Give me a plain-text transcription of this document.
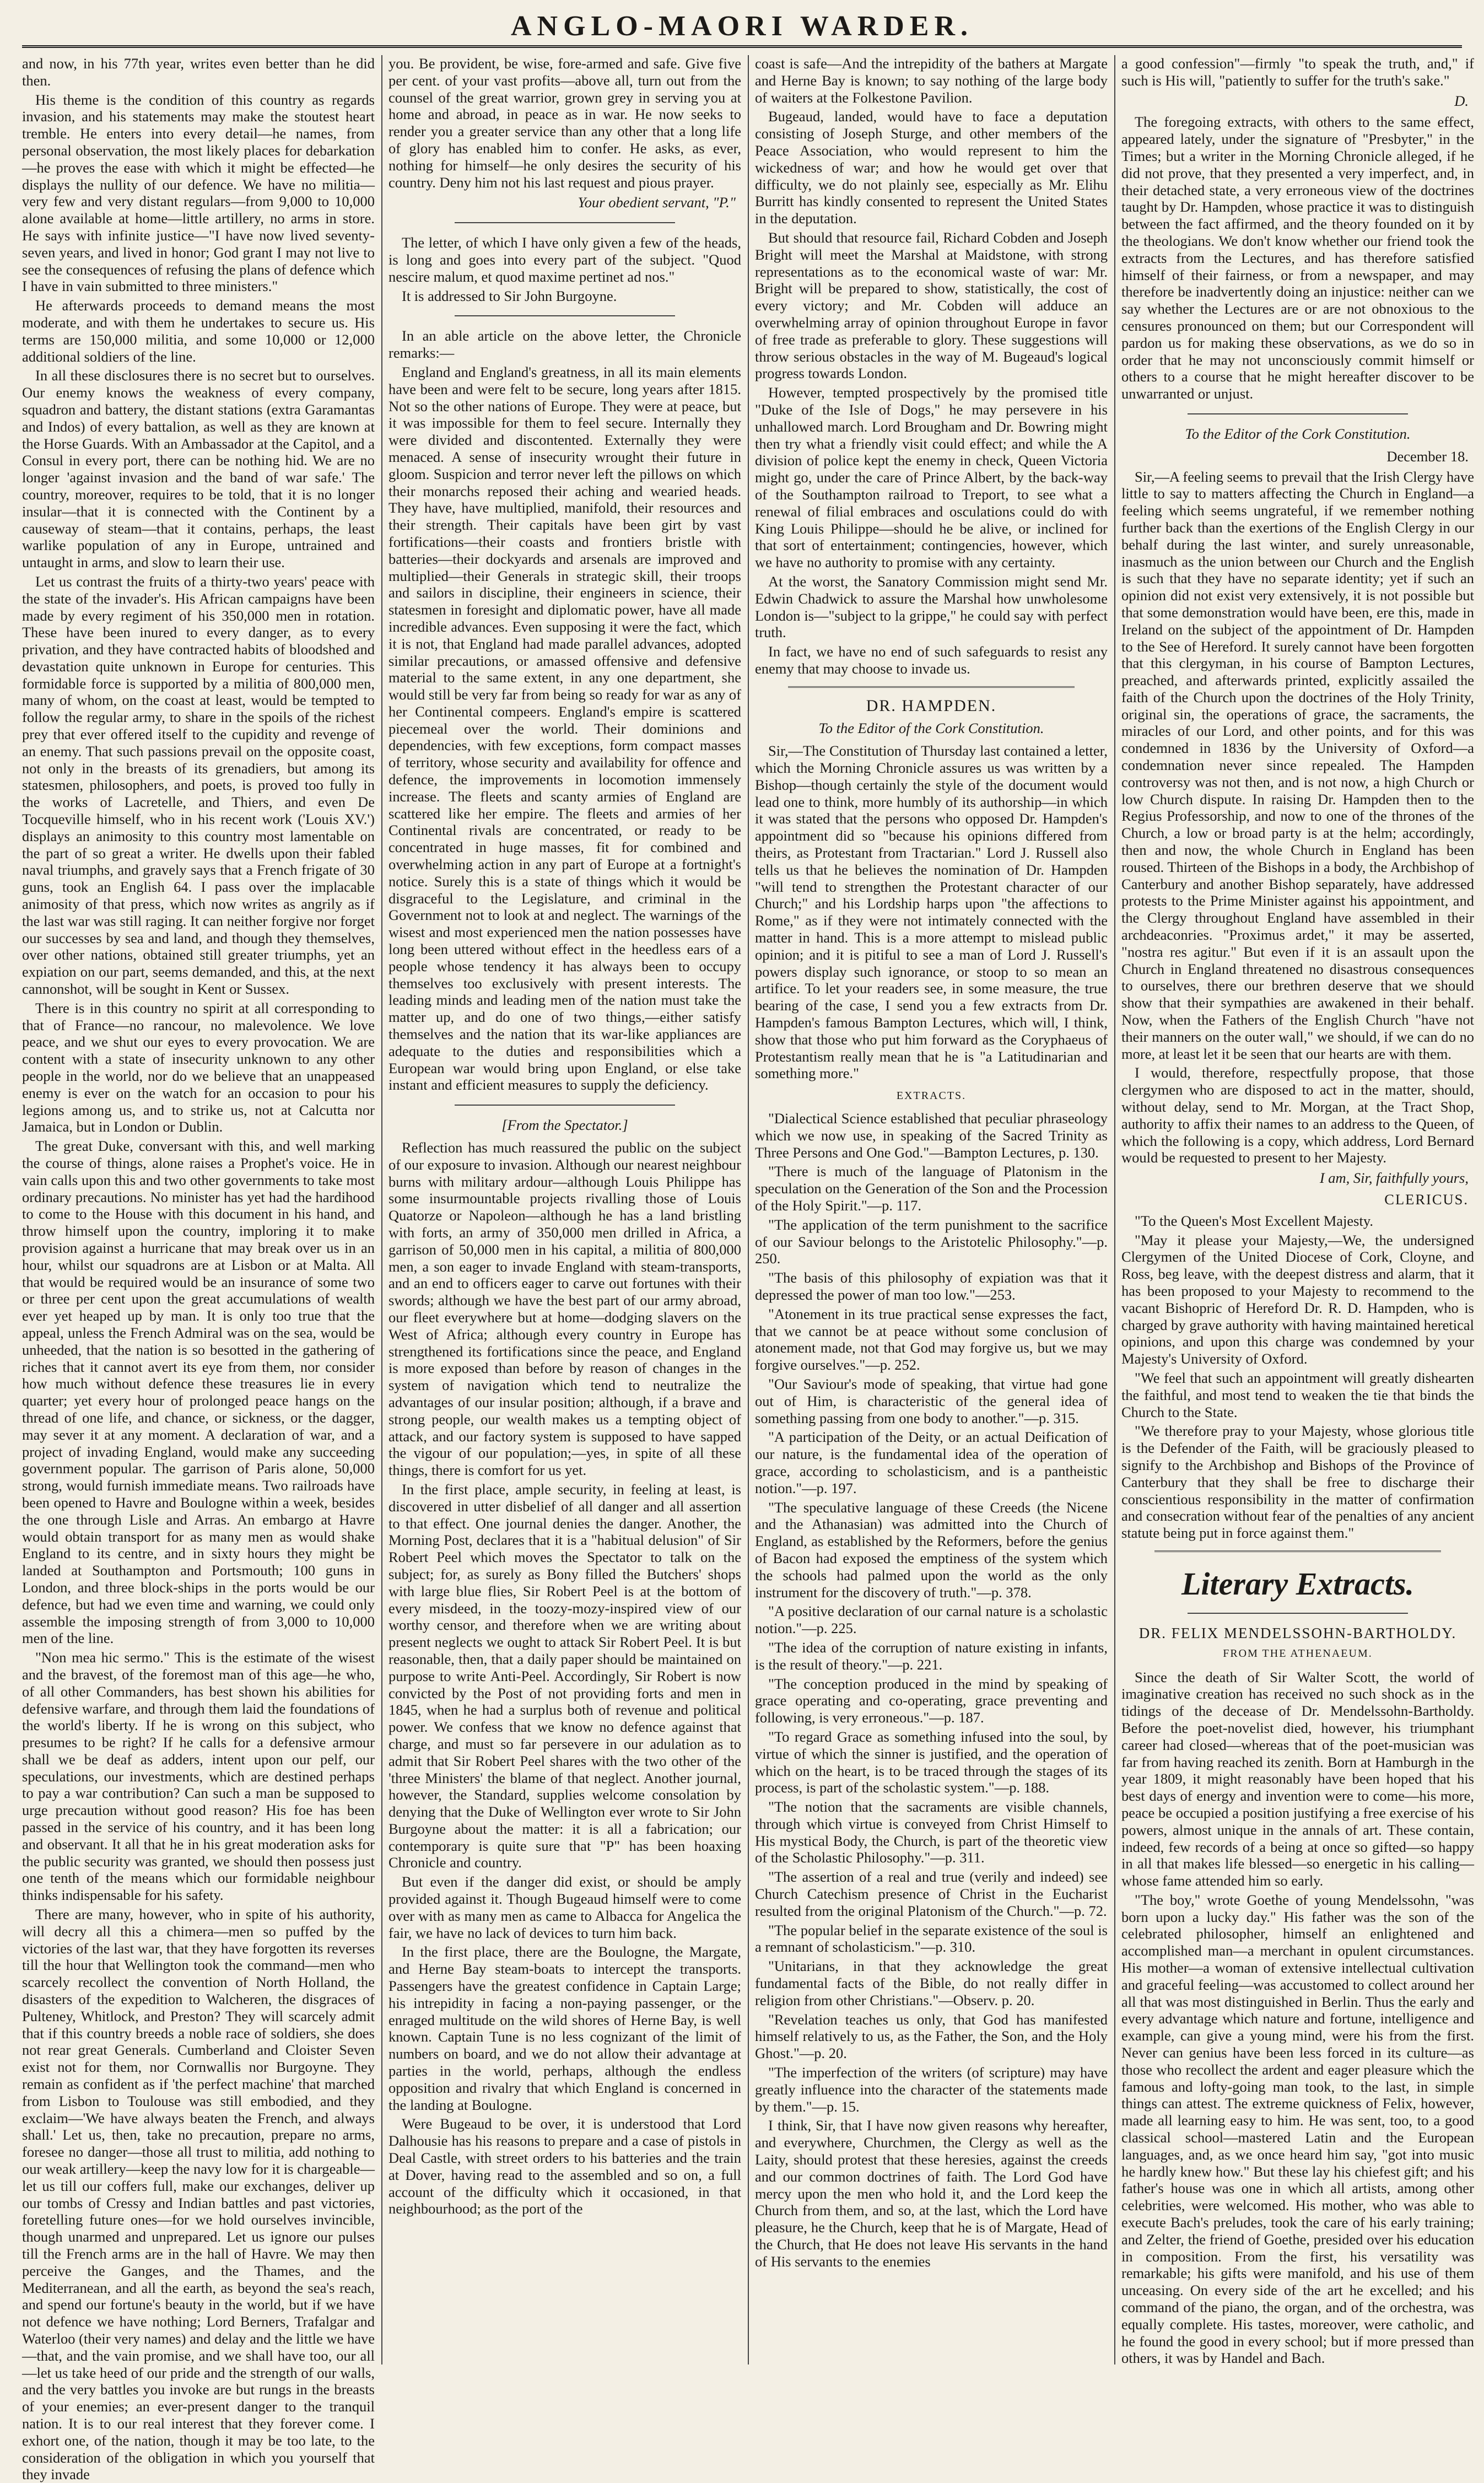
ANGLO-MAORI WARDER.

and now, in his 77th year, writes even better than he did then.

His theme is the condition of this country as regards invasion, and his statements may make the stoutest heart tremble. He enters into every detail—he names, from personal observation, the most likely places for debarkation—he proves the ease with which it might be effected—he displays the nullity of our defence. We have no militia—very few and very distant regulars—from 9,000 to 10,000 alone available at home—little artillery, no arms in store. He says with infinite justice—"I have now lived seventy-seven years, and lived in honor; God grant I may not live to see the consequences of refusing the plans of defence which I have in vain submitted to three ministers."

He afterwards proceeds to demand means the most moderate, and with them he undertakes to secure us. His terms are 150,000 militia, and some 10,000 or 12,000 additional soldiers of the line.

In all these disclosures there is no secret but to ourselves. Our enemy knows the weakness of every company, squadron and battery, the distant stations (extra Garamantas and Indos) of every battalion, as well as they are known at the Horse Guards. With an Ambassador at the Capitol, and a Consul in every port, there can be nothing hid. We are no longer 'against invasion and the band of war safe.' The country, moreover, requires to be told, that it is no longer insular—that it is connected with the Continent by a causeway of steam—that it contains, perhaps, the least warlike population of any in Europe, untrained and untaught in arms, and slow to learn their use.

Let us contrast the fruits of a thirty-two years' peace with the state of the invader's. His African campaigns have been made by every regiment of his 350,000 men in rotation. These have been inured to every danger, as to every privation, and they have contracted habits of bloodshed and devastation quite unknown in Europe for centuries. This formidable force is supported by a militia of 800,000 men, many of whom, on the coast at least, would be tempted to follow the regular army, to share in the spoils of the richest prey that ever offered itself to the cupidity and revenge of an enemy. That such passions prevail on the opposite coast, not only in the breasts of its grenadiers, but among its statesmen, philosophers, and poets, is proved too fully in the works of Lacretelle, and Thiers, and even De Tocqueville himself, who in his recent work ('Louis XV.') displays an animosity to this country most lamentable on the part of so great a writer. He dwells upon their fabled naval triumphs, and gravely says that a French frigate of 30 guns, took an English 64. I pass over the implacable animosity of that press, which now writes as angrily as if the last war was still raging. It can neither forgive nor forget our successes by sea and land, and though they themselves, over other nations, obtained still greater triumphs, yet an expiation on our part, seems demanded, and this, at the next cannonshot, will be sought in Kent or Sussex.

There is in this country no spirit at all corresponding to that of France—no rancour, no malevolence. We love peace, and we shut our eyes to every provocation. We are content with a state of insecurity unknown to any other people in the world, nor do we believe that an unappeased enemy is ever on the watch for an occasion to pour his legions among us, and to strike us, not at Calcutta nor Jamaica, but in London or Dublin.

The great Duke, conversant with this, and well marking the course of things, alone raises a Prophet's voice. He in vain calls upon this and two other governments to take most ordinary precautions. No minister has yet had the hardihood to come to the House with this document in his hand, and throw himself upon the country, imploring it to make provision against a hurricane that may break over us in an hour, whilst our squadrons are at Lisbon or at Malta. All that would be required would be an insurance of some two or three per cent upon the great accumulations of wealth ever yet heaped up by man. It is only too true that the appeal, unless the French Admiral was on the sea, would be unheeded, that the nation is so besotted in the gathering of riches that it cannot avert its eye from them, nor consider how much without defence these treasures lie in every quarter; yet every hour of prolonged peace hangs on the thread of one life, and chance, or sickness, or the dagger, may sever it at any moment. A declaration of war, and a project of invading England, would make any succeeding government popular. The garrison of Paris alone, 50,000 strong, would furnish immediate means. Two railroads have been opened to Havre and Boulogne within a week, besides the one through Lisle and Arras. An embargo at Havre would obtain transport for as many men as would shake England to its centre, and in sixty hours they might be landed at Southampton and Portsmouth; 100 guns in London, and three block-ships in the ports would be our defence, but had we even time and warning, we could only assemble the imposing strength of from 3,000 to 10,000 men of the line.

"Non mea hic sermo." This is the estimate of the wisest and the bravest, of the foremost man of this age—he who, of all other Commanders, has best shown his abilities for defensive warfare, and through them laid the foundations of the world's liberty. If he is wrong on this subject, who presumes to be right? If he calls for a defensive armour shall we be deaf as adders, intent upon our pelf, our speculations, our investments, which are destined perhaps to pay a war contribution? Can such a man be supposed to urge precaution without good reason? His foe has been passed in the service of his country, and it has been long and observant. It all that he in his great moderation asks for the public security was granted, we should then possess just one tenth of the means which our formidable neighbour thinks indispensable for his safety.

There are many, however, who in spite of his authority, will decry all this a chimera—men so puffed by the victories of the last war, that they have forgotten its reverses till the hour that Wellington took the command—men who scarcely recollect the convention of North Holland, the disasters of the expedition to Walcheren, the disgraces of Pulteney, Whitlock, and Preston? They will scarcely admit that if this country breeds a noble race of soldiers, she does not rear great Generals. Cumberland and Cloister Seven exist not for them, nor Cornwallis nor Burgoyne. They remain as confident as if 'the perfect machine' that marched from Lisbon to Toulouse was still embodied, and they exclaim—'We have always beaten the French, and always shall.' Let us, then, take no precaution, prepare no arms, foresee no danger—those all trust to militia, add nothing to our weak artillery—keep the navy low for it is chargeable—let us till our coffers full, make our exchanges, deliver up our tombs of Cressy and Indian battles and past victories, foretelling future ones—for we hold ourselves invincible, though unarmed and unprepared. Let us ignore our pulses till the French arms are in the hall of Havre. We may then perceive the Ganges, and the Thames, and the Mediterranean, and all the earth, as beyond the sea's reach, and spend our fortune's beauty in the world, but if we have not defence we have nothing; Lord Berners, Trafalgar and Waterloo (their very names) and delay and the little we have—that, and the vain promise, and we shall have too, our all—let us take heed of our pride and the strength of our walls, and the very battles you invoke are but rungs in the breasts of your enemies; an ever-present danger to the tranquil nation. It is to our real interest that they forever come. I exhort one, of the nation, though it may be too late, to the consideration of the obligation in which you yourself that they invade

you. Be provident, be wise, fore-armed and safe. Give five per cent. of your vast profits—above all, turn out from the counsel of the great warrior, grown grey in serving you at home and abroad, in peace as in war. He now seeks to render you a greater service than any other that a long life of glory has enabled him to confer. He asks, as ever, nothing for himself—he only desires the security of his country. Deny him not his last request and pious prayer.

Your obedient servant, "P."

The letter, of which I have only given a few of the heads, is long and goes into every part of the subject. "Quod nescire malum, et quod maxime pertinet ad nos."

It is addressed to Sir John Burgoyne.

In an able article on the above letter, the Chronicle remarks:—

England and England's greatness, in all its main elements have been and were felt to be secure, long years after 1815. Not so the other nations of Europe. They were at peace, but it was impossible for them to feel secure. Internally they were divided and discontented. Externally they were menaced. A sense of insecurity wrought their future in gloom. Suspicion and terror never left the pillows on which their monarchs reposed their aching and wearied heads. They have, have multiplied, manifold, their resources and their strength. Their capitals have been girt by vast fortifications—their coasts and frontiers bristle with batteries—their dockyards and arsenals are improved and multiplied—their Generals in strategic skill, their troops and sailors in discipline, their engineers in science, their statesmen in foresight and diplomatic power, have all made incredible advances. Even supposing it were the fact, which it is not, that England had made parallel advances, adopted similar precautions, or amassed offensive and defensive material to the same extent, in any one department, she would still be very far from being so ready for war as any of her Continental compeers. England's empire is scattered piecemeal over the world. Their dominions and dependencies, with few exceptions, form compact masses of territory, whose security and availability for offence and defence, the improvements in locomotion immensely increase. The fleets and scanty armies of England are scattered like her empire. The fleets and armies of her Continental rivals are concentrated, or ready to be concentrated in huge masses, fit for combined and overwhelming action in any part of Europe at a fortnight's notice. Surely this is a state of things which it would be disgraceful to the Legislature, and criminal in the Government not to look at and neglect. The warnings of the wisest and most experienced men the nation possesses have long been uttered without effect in the heedless ears of a people whose tendency it has always been to occupy themselves too exclusively with present interests. The leading minds and leading men of the nation must take the matter up, and do one of two things,—either satisfy themselves and the nation that its war-like appliances are adequate to the duties and responsibilities which a European war would bring upon England, or else take instant and efficient measures to supply the deficiency.

[From the Spectator.]

Reflection has much reassured the public on the subject of our exposure to invasion. Although our nearest neighbour burns with military ardour—although Louis Philippe has some insurmountable projects rivalling those of Louis Quatorze or Napoleon—although he has a land bristling with forts, an army of 350,000 men drilled in Africa, a garrison of 50,000 men in his capital, a militia of 800,000 men, a son eager to invade England with steam-transports, and an end to officers eager to carve out fortunes with their swords; although we have the best part of our army abroad, our fleet everywhere but at home—dodging slavers on the West of Africa; although every country in Europe has strengthened its fortifications since the peace, and England is more exposed than before by reason of changes in the system of navigation which tend to neutralize the advantages of our insular position; although, if a brave and strong people, our wealth makes us a tempting object of attack, and our factory system is supposed to have sapped the vigour of our population;—yes, in spite of all these things, there is comfort for us yet.

In the first place, ample security, in feeling at least, is discovered in utter disbelief of all danger and all assertion to that effect. One journal denies the danger. Another, the Morning Post, declares that it is a "habitual delusion" of Sir Robert Peel which moves the Spectator to talk on the subject; for, as surely as Bony filled the Butchers' shops with large blue flies, Sir Robert Peel is at the bottom of every misdeed, in the toozy-mozy-inspired view of our worthy censor, and therefore when we are writing about present neglects we ought to attack Sir Robert Peel. It is but reasonable, then, that a daily paper should be maintained on purpose to write Anti-Peel. Accordingly, Sir Robert is now convicted by the Post of not providing forts and men in 1845, when he had a surplus both of revenue and political power. We confess that we know no defence against that charge, and must so far persevere in our adulation as to admit that Sir Robert Peel shares with the two other of the 'three Ministers' the blame of that neglect. Another journal, however, the Standard, supplies welcome consolation by denying that the Duke of Wellington ever wrote to Sir John Burgoyne about the matter: it is all a fabrication; our contemporary is quite sure that "P" has been hoaxing Chronicle and country.

But even if the danger did exist, or should be amply provided against it. Though Bugeaud himself were to come over with as many men as came to Albacca for Angelica the fair, we have no lack of devices to turn him back.

In the first place, there are the Boulogne, the Margate, and Herne Bay steam-boats to intercept the transports. Passengers have the greatest confidence in Captain Large; his intrepidity in facing a non-paying passenger, or the enraged multitude on the wild shores of Herne Bay, is well known. Captain Tune is no less cognizant of the limit of numbers on board, and we do not allow their advantage at parties in the world, perhaps, although the endless opposition and rivalry that which England is concerned in the landing at Boulogne.

Were Bugeaud to be over, it is understood that Lord Dalhousie has his reasons to prepare and a case of pistols in Deal Castle, with street orders to his batteries and the train at Dover, having read to the assembled and so on, a full account of the difficulty which it occasioned, in that neighbourhood; as the port of the

coast is safe—And the intrepidity of the bathers at Margate and Herne Bay is known; to say nothing of the large body of waiters at the Folkestone Pavilion.

Bugeaud, landed, would have to face a deputation consisting of Joseph Sturge, and other members of the Peace Association, who would represent to him the wickedness of war; and how he would get over that difficulty, we do not plainly see, especially as Mr. Elihu Burritt has kindly consented to represent the United States in the deputation.

But should that resource fail, Richard Cobden and Joseph Bright will meet the Marshal at Maidstone, with strong representations as to the economical waste of war: Mr. Bright will be prepared to show, statistically, the cost of every victory; and Mr. Cobden will adduce an overwhelming array of opinion throughout Europe in favor of free trade as preferable to glory. These suggestions will throw serious obstacles in the way of M. Bugeaud's logical progress towards London.

However, tempted prospectively by the promised title "Duke of the Isle of Dogs," he may persevere in his unhallowed march. Lord Brougham and Dr. Bowring might then try what a friendly visit could effect; and while the A division of police kept the enemy in check, Queen Victoria might go, under the care of Prince Albert, by the back-way of the Southampton railroad to Treport, to see what a renewal of filial embraces and osculations could do with King Louis Philippe—should he be alive, or inclined for that sort of entertainment; contingencies, however, which we have no authority to promise with any certainty.

At the worst, the Sanatory Commission might send Mr. Edwin Chadwick to assure the Marshal how unwholesome London is—"subject to la grippe," he could say with perfect truth.

In fact, we have no end of such safeguards to resist any enemy that may choose to invade us.

DR. HAMPDEN.

To the Editor of the Cork Constitution.

Sir,—The Constitution of Thursday last contained a letter, which the Morning Chronicle assures us was written by a Bishop—though certainly the style of the document would lead one to think, more humbly of its authorship—in which it was stated that the persons who opposed Dr. Hampden's appointment did so "because his opinions differed from theirs, as Protestant from Tractarian." Lord J. Russell also tells us that he believes the nomination of Dr. Hampden "will tend to strengthen the Protestant character of our Church;" and his Lordship harps upon "the affections to Rome," as if they were not intimately connected with the matter in hand. This is a more attempt to mislead public opinion; and it is pitiful to see a man of Lord J. Russell's powers display such ignorance, or stoop to so mean an artifice. To let your readers see, in some measure, the true bearing of the case, I send you a few extracts from Dr. Hampden's famous Bampton Lectures, which will, I think, show that those who put him forward as the Coryphaeus of Protestantism really mean that he is "a Latitudinarian and something more."

EXTRACTS.

"Dialectical Science established that peculiar phraseology which we now use, in speaking of the Sacred Trinity as Three Persons and One God."—Bampton Lectures, p. 130.

"There is much of the language of Platonism in the speculation on the Generation of the Son and the Procession of the Holy Spirit."—p. 117.

"The application of the term punishment to the sacrifice of our Saviour belongs to the Aristotelic Philosophy."—p. 250.

"The basis of this philosophy of expiation was that it depressed the power of man too low."—253.

"Atonement in its true practical sense expresses the fact, that we cannot be at peace without some conclusion of atonement made, not that God may forgive us, but we may forgive ourselves."—p. 252.

"Our Saviour's mode of speaking, that virtue had gone out of Him, is characteristic of the general idea of something passing from one body to another."—p. 315.

"A participation of the Deity, or an actual Deification of our nature, is the fundamental idea of the operation of grace, according to scholasticism, and is a pantheistic notion."—p. 197.

"The speculative language of these Creeds (the Nicene and the Athanasian) was admitted into the Church of England, as established by the Reformers, before the genius of Bacon had exposed the emptiness of the system which the schools had palmed upon the world as the only instrument for the discovery of truth."—p. 378.

"A positive declaration of our carnal nature is a scholastic notion."—p. 225.

"The idea of the corruption of nature existing in infants, is the result of theory."—p. 221.

"The conception produced in the mind by speaking of grace operating and co-operating, grace preventing and following, is very erroneous."—p. 187.

"To regard Grace as something infused into the soul, by virtue of which the sinner is justified, and the operation of which on the heart, is to be traced through the stages of its process, is part of the scholastic system."—p. 188.

"The notion that the sacraments are visible channels, through which virtue is conveyed from Christ Himself to His mystical Body, the Church, is part of the theoretic view of the Scholastic Philosophy."—p. 311.

"The assertion of a real and true (verily and indeed) see Church Catechism presence of Christ in the Eucharist resulted from the original Platonism of the Church."—p. 72.

"The popular belief in the separate existence of the soul is a remnant of scholasticism."—p. 310.

"Unitarians, in that they acknowledge the great fundamental facts of the Bible, do not really differ in religion from other Christians."—Observ. p. 20.

"Revelation teaches us only, that God has manifested himself relatively to us, as the Father, the Son, and the Holy Ghost."—p. 20.

"The imperfection of the writers (of scripture) may have greatly influence into the character of the statements made by them."—p. 15.

I think, Sir, that I have now given reasons why hereafter, and everywhere, Churchmen, the Clergy as well as the Laity, should protest that these heresies, against the creeds and our common doctrines of faith. The Lord God have mercy upon the men who hold it, and the Lord keep the Church from them, and so, at the last, which the Lord have pleasure, he the Church, keep that he is of Margate, Head of the Church, that He does not leave His servants in the hand of His servants to the enemies

a good confession"—firmly "to speak the truth, and," if such is His will, "patiently to suffer for the truth's sake."

D.

The foregoing extracts, with others to the same effect, appeared lately, under the signature of "Presbyter," in the Times; but a writer in the Morning Chronicle alleged, if he did not prove, that they presented a very imperfect, and, in their detached state, a very erroneous view of the doctrines taught by Dr. Hampden, whose practice it was to distinguish between the fact affirmed, and the theory founded on it by the theologians. We don't know whether our friend took the extracts from the Lectures, and has therefore satisfied himself of their fairness, or from a newspaper, and may therefore be inadvertently doing an injustice: neither can we say whether the Lectures are or are not obnoxious to the censures pronounced on them; but our Correspondent will pardon us for making these observations, as we do so in order that he may not unconsciously commit himself or others to a course that he might hereafter discover to be unwarranted or unjust.

To the Editor of the Cork Constitution.

December 18.

Sir,—A feeling seems to prevail that the Irish Clergy have little to say to matters affecting the Church in England—a feeling which seems ungrateful, if we remember nothing further back than the exertions of the English Clergy in our behalf during the last winter, and surely unreasonable, inasmuch as the union between our Church and the English is such that they have no separate identity; yet if such an opinion did not exist very extensively, it is not possible but that some demonstration would have been, ere this, made in Ireland on the subject of the appointment of Dr. Hampden to the See of Hereford. It surely cannot have been forgotten that this clergyman, in his course of Bampton Lectures, preached, and afterwards printed, explicitly assailed the faith of the Church upon the doctrines of the Holy Trinity, original sin, the operations of grace, the sacraments, the miracles of our Lord, and other points, and for this was condemned in 1836 by the University of Oxford—a condemnation never since repealed. The Hampden controversy was not then, and is not now, a high Church or low Church dispute. In raising Dr. Hampden then to the Regius Professorship, and now to one of the thrones of the Church, a low or broad party is at the helm; accordingly, then and now, the whole Church in England has been roused. Thirteen of the Bishops in a body, the Archbishop of Canterbury and another Bishop separately, have addressed protests to the Prime Minister against his appointment, and the Clergy throughout England have assembled in their archdeaconries. "Proximus ardet," it may be asserted, "nostra res agitur." But even if it is an assault upon the Church in England threatened no disastrous consequences to ourselves, there our brethren deserve that we should show that their sympathies are awakened in their behalf. Now, when the Fathers of the English Church "have not their manners on the outer wall," we should, if we can do no more, at least let it be seen that our hearts are with them.

I would, therefore, respectfully propose, that those clergymen who are disposed to act in the matter, should, without delay, send to Mr. Morgan, at the Tract Shop, authority to affix their names to an address to the Queen, of which the following is a copy, which address, Lord Bernard would be requested to present to her Majesty.

I am, Sir, faithfully yours,

CLERICUS.

"To the Queen's Most Excellent Majesty.

"May it please your Majesty,—We, the undersigned Clergymen of the United Diocese of Cork, Cloyne, and Ross, beg leave, with the deepest distress and alarm, that it has been proposed to your Majesty to recommend to the vacant Bishopric of Hereford Dr. R. D. Hampden, who is charged by grave authority with having maintained heretical opinions, and upon this charge was condemned by your Majesty's University of Oxford.

"We feel that such an appointment will greatly dishearten the faithful, and most tend to weaken the tie that binds the Church to the State.

"We therefore pray to your Majesty, whose glorious title is the Defender of the Faith, will be graciously pleased to signify to the Archbishop and Bishops of the Province of Canterbury that they shall be free to discharge their conscientious responsibility in the matter of confirmation and consecration without fear of the penalties of any ancient statute being put in force against them."

Literary Extracts.

DR. FELIX MENDELSSOHN-BARTHOLDY.

FROM THE ATHENAEUM.

Since the death of Sir Walter Scott, the world of imaginative creation has received no such shock as in the tidings of the decease of Dr. Mendelssohn-Bartholdy. Before the poet-novelist died, however, his triumphant career had closed—whereas that of the poet-musician was far from having reached its zenith. Born at Hamburgh in the year 1809, it might reasonably have been hoped that his best days of energy and invention were to come—his more, peace be occupied a position justifying a free exercise of his powers, almost unique in the annals of art. These contain, indeed, few records of a being at once so gifted—so happy in all that makes life blessed—so energetic in his calling—whose fame attended him so early.

"The boy," wrote Goethe of young Mendelssohn, "was born upon a lucky day." His father was the son of the celebrated philosopher, himself an enlightened and accomplished man—a merchant in opulent circumstances. His mother—a woman of extensive intellectual cultivation and graceful feeling—was accustomed to collect around her all that was most distinguished in Berlin. Thus the early and every advantage which nature and fortune, intelligence and example, can give a young mind, were his from the first. Never can genius have been less forced in its culture—as those who recollect the ardent and eager pleasure which the famous and lofty-going man took, to the last, in simple things can attest. The extreme quickness of Felix, however, made all learning easy to him. He was sent, too, to a good classical school—mastered Latin and the European languages, and, as we once heard him say, "got into music he hardly knew how." But these lay his chiefest gift; and his father's house was one in which all artists, among other celebrities, were welcomed. His mother, who was able to execute Bach's preludes, took the care of his early training; and Zelter, the friend of Goethe, presided over his education in composition. From the first, his versatility was remarkable; his gifts were manifold, and his use of them unceasing. On every side of the art he excelled; and his command of the piano, the organ, and of the orchestra, was equally complete. His tastes, moreover, were catholic, and he found the good in every school; but if more pressed than others, it was by Handel and Bach.
